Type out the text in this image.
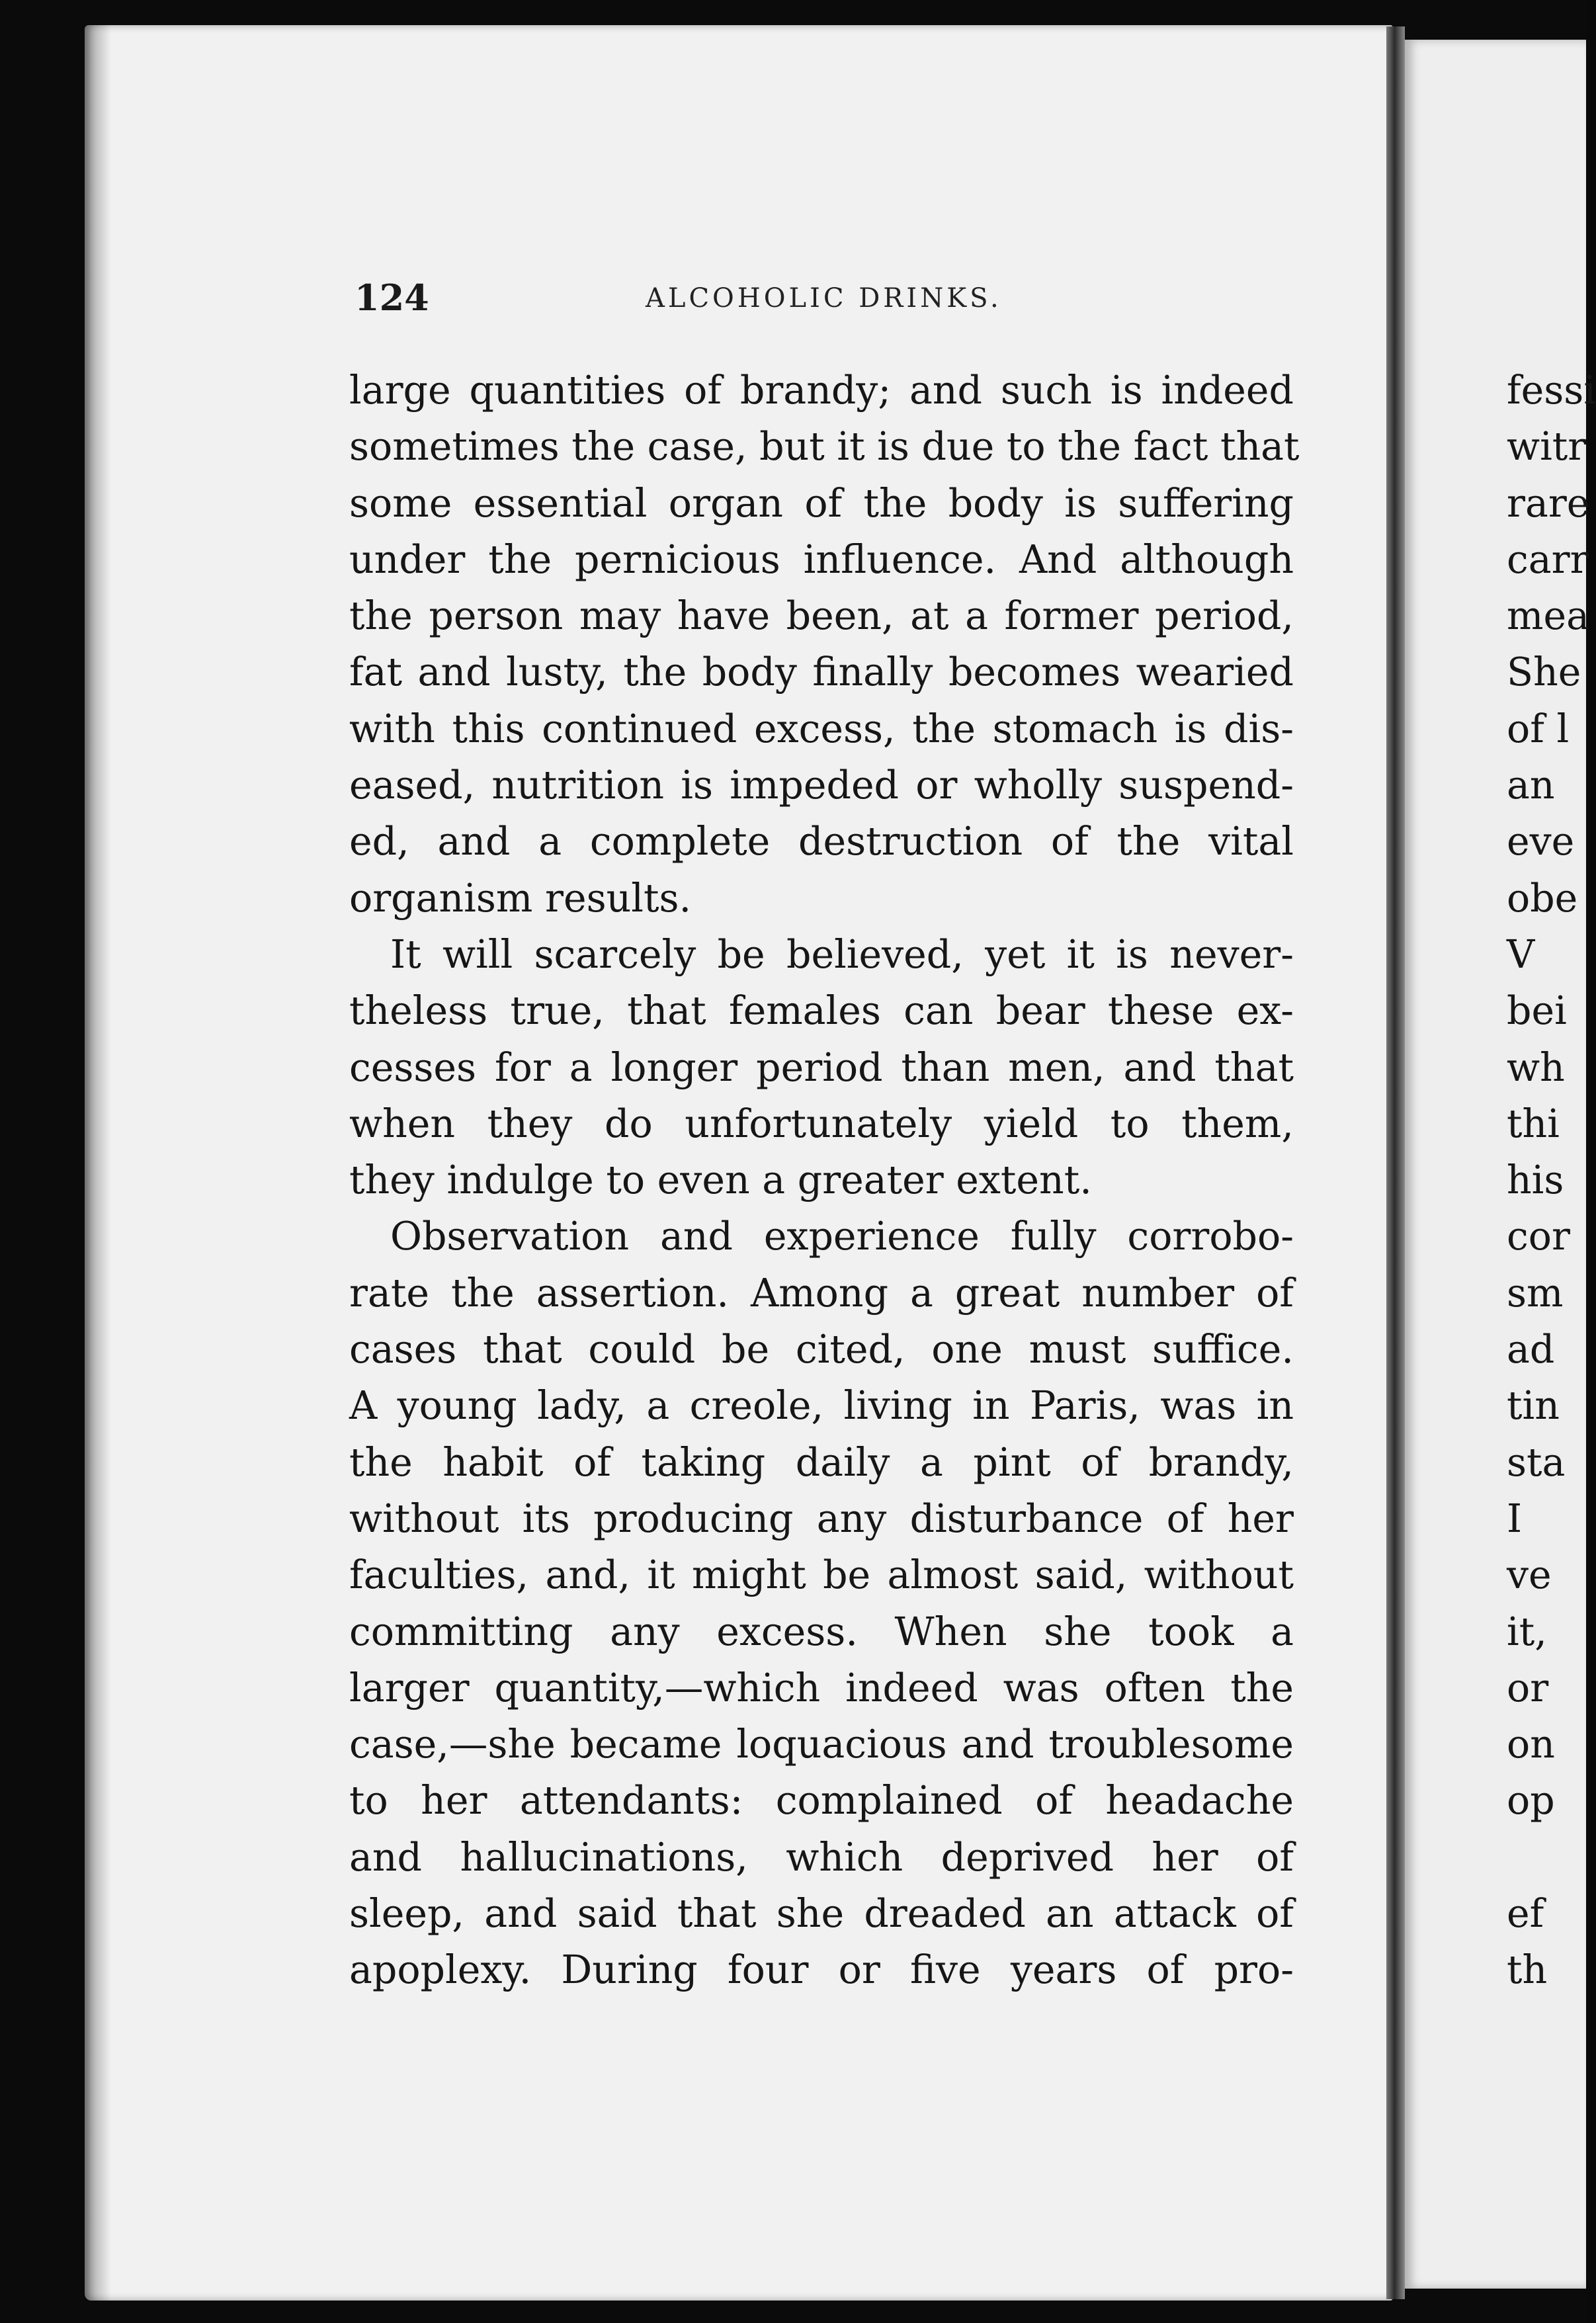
124	ALCOHOLIC DRINKS.
large quantities of brandy; and such is indeed
sometimes the case, but it is due to the fact that
some essential organ of the body is suffering
under the pernicious influence. And although
the person may have been, at a former period,
fat and lusty, the body finally becomes wearied
with this continued excess, the stomach is dis-
eased, nutrition is impeded or wholly suspend-
ed, and a complete destruction of the vital
organism results.
It will scarcely be believed, yet it is never-
theless true, that females can bear these ex-
cesses for a longer period than men, and that
when they do unfortunately yield to them,
they indulge to even a greater extent.
Observation and experience fully corrobo-
rate the assertion. Among a great number of
cases that could be cited, one must suffice.
A young lady, a creole, living in Paris, was in
the habit of taking daily a pint of brandy,
without its producing any disturbance of her
faculties, and, it might be almost said, without
committing any excess. When she took a
larger quantity,—which indeed was often the
case,—she became loquacious and troublesome
to her attendants: complained of headache
and hallucinations, which deprived her of
sleep, and said that she dreaded an attack of
apoplexy. During four or five years of pro-
fessi
witr
rare
carr
mea
She
of l
an
eve
obe
V
bei
wh
thi
his
cor
sm
ad
tin
sta
I
ve
it,
or
on
op
ef
th
